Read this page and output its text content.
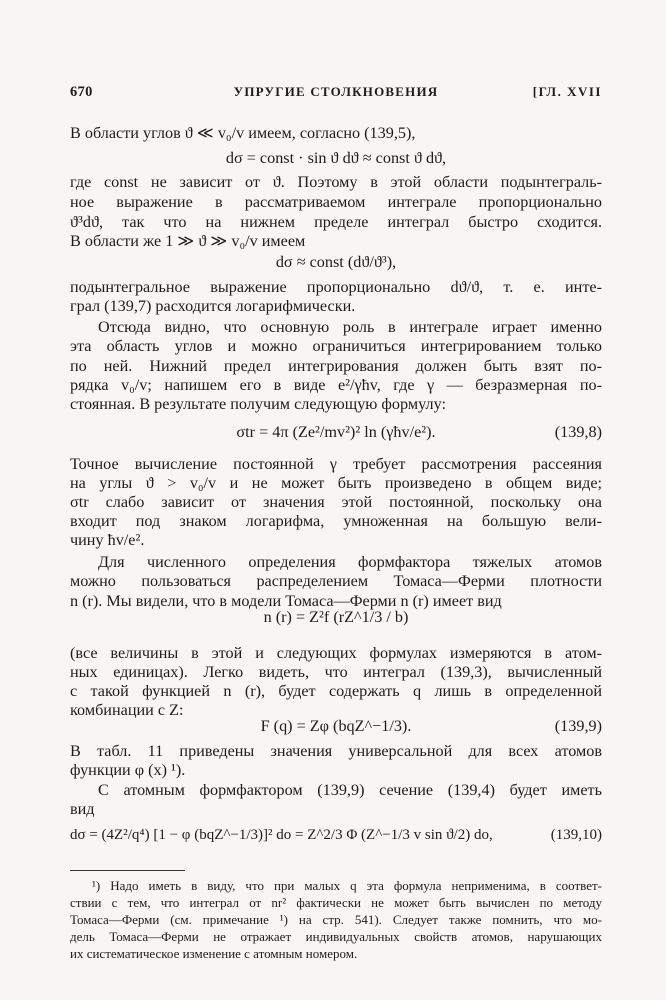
670	УПРУГИЕ СТОЛКНОВЕНИЯ	[ГЛ. XVII
В области углов ϑ ≪ v₀/v имеем, согласно (139,5),
dσ = const · sin ϑ dϑ ≈ const ϑ dϑ,
где const не зависит от ϑ. Поэтому в этой области подынтеграль-
ное выражение в рассматриваемом интеграле пропорционально
ϑ³dϑ, так что на нижнем пределе интеграл быстро сходится.
В области же 1 ≫ ϑ ≫ v₀/v имеем
dσ ≈ const (dϑ/ϑ³),
подынтегральное выражение пропорционально dϑ/ϑ, т. е. инте-
грал (139,7) расходится логарифмически.
Отсюда видно, что основную роль в интеграле играет именно
эта область углов и можно ограничиться интегрированием только
по ней. Нижний предел интегрирования должен быть взят по-
рядка v₀/v; напишем его в виде e²/γħv, где γ — безразмерная по-
стоянная. В результате получим следующую формулу:
σtr = 4π (Ze²/mv²)² ln (γħv/e²).	(139,8)
Точное вычисление постоянной γ требует рассмотрения рассеяния
на углы ϑ > v₀/v и не может быть произведено в общем виде;
σtr слабо зависит от значения этой постоянной, поскольку она
входит под знаком логарифма, умноженная на большую вели-
чину ħv/e².
Для численного определения формфактора тяжелых атомов
можно пользоваться распределением Томаса—Ферми плотности
n (r). Мы видели, что в модели Томаса—Ферми n (r) имеет вид
n (r) = Z²f (rZ^1/3 / b)
(все величины в этой и следующих формулах измеряются в атом-
ных единицах). Легко видеть, что интеграл (139,3), вычисленный
с такой функцией n (r), будет содержать q лишь в определенной
комбинации с Z:
F (q) = Zφ (bqZ^−1/3).	(139,9)
В табл. 11 приведены значения универсальной для всех атомов
функции φ (x) ¹).
С атомным формфактором (139,9) сечение (139,4) будет иметь
вид
dσ = (4Z²/q⁴) [1 − φ (bqZ^−1/3)]² do = Z^2/3 Φ (Z^−1/3 v sin ϑ/2) do,	(139,10)
¹) Надо иметь в виду, что при малых q эта формула неприменима, в соответ-
ствии с тем, что интеграл от nr² фактически не может быть вычислен по методу
Томаса—Ферми (см. примечание ¹) на стр. 541). Следует также помнить, что мо-
дель Томаса—Ферми не отражает индивидуальных свойств атомов, нарушающих
их систематическое изменение с атомным номером.
